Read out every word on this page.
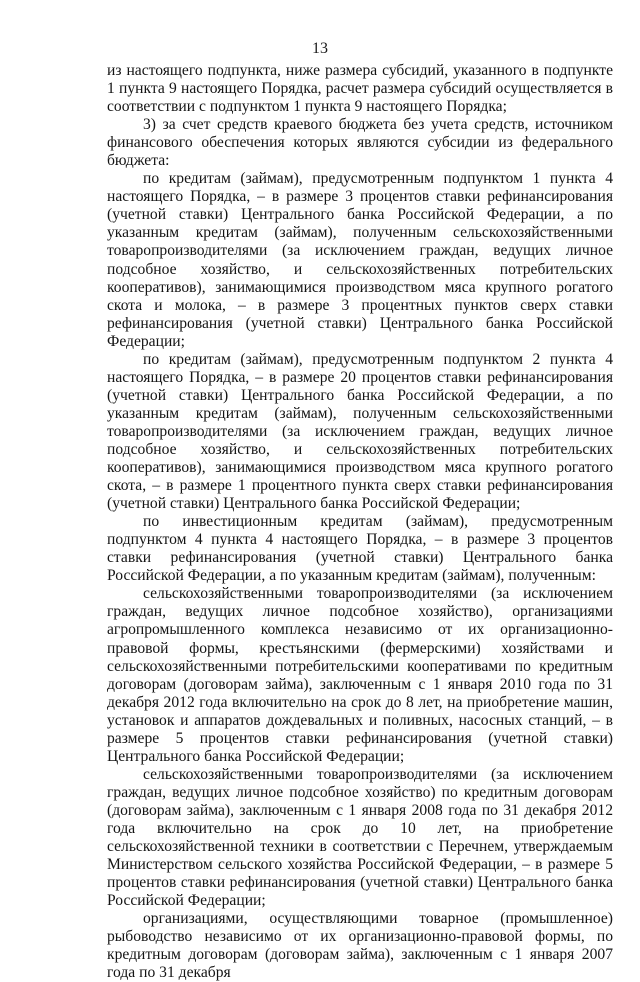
13

из настоящего подпункта, ниже размера субсидий, указанного в подпункте 1 пункта 9 настоящего Порядка, расчет размера субсидий осуществляется в соответствии с подпунктом 1 пункта 9 настоящего Порядка;

3) за счет средств краевого бюджета без учета средств, источником финансового обеспечения которых являются субсидии из федерального бюджета:

по кредитам (займам), предусмотренным подпунктом 1 пункта 4 настоящего Порядка, – в размере 3 процентов ставки рефинансирования (учетной ставки) Центрального банка Российской Федерации, а по указанным кредитам (займам), полученным сельскохозяйственными товаропроизводителями (за исключением граждан, ведущих личное подсобное хозяйство, и сельскохозяйственных потребительских кооперативов), занимающимися производством мяса крупного рогатого скота и молока, – в размере 3 процентных пунктов сверх ставки рефинансирования (учетной ставки) Центрального банка Российской Федерации;

по кредитам (займам), предусмотренным подпунктом 2 пункта 4 настоящего Порядка, – в размере 20 процентов ставки рефинансирования (учетной ставки) Центрального банка Российской Федерации, а по указанным кредитам (займам), полученным сельскохозяйственными товаропроизводителями (за исключением граждан, ведущих личное подсобное хозяйство, и сельскохозяйственных потребительских кооперативов), занимающимися производством мяса крупного рогатого скота, – в размере 1 процентного пункта сверх ставки рефинансирования (учетной ставки) Центрального банка Российской Федерации;

по инвестиционным кредитам (займам), предусмотренным подпунктом 4 пункта 4 настоящего Порядка, – в размере 3 процентов ставки рефинансирования (учетной ставки) Центрального банка Российской Федерации, а по указанным кредитам (займам), полученным:

сельскохозяйственными товаропроизводителями (за исключением граждан, ведущих личное подсобное хозяйство), организациями агропромышленного комплекса независимо от их организационно-правовой формы, крестьянскими (фермерскими) хозяйствами и сельскохозяйственными потребительскими кооперативами по кредитным договорам (договорам займа), заключенным с 1 января 2010 года по 31 декабря 2012 года включительно на срок до 8 лет, на приобретение машин, установок и аппаратов дождевальных и поливных, насосных станций, – в размере 5 процентов ставки рефинансирования (учетной ставки) Центрального банка Российской Федерации;

сельскохозяйственными товаропроизводителями (за исключением граждан, ведущих личное подсобное хозяйство) по кредитным договорам (договорам займа), заключенным с 1 января 2008 года по 31 декабря 2012 года включительно на срок до 10 лет, на приобретение сельскохозяйственной техники в соответствии с Перечнем, утверждаемым Министерством сельского хозяйства Российской Федерации, – в размере 5 процентов ставки рефинансирования (учетной ставки) Центрального банка Российской Федерации;

организациями, осуществляющими товарное (промышленное) рыбоводство независимо от их организационно-правовой формы, по кредитным договорам (договорам займа), заключенным с 1 января 2007 года по 31 декабря
